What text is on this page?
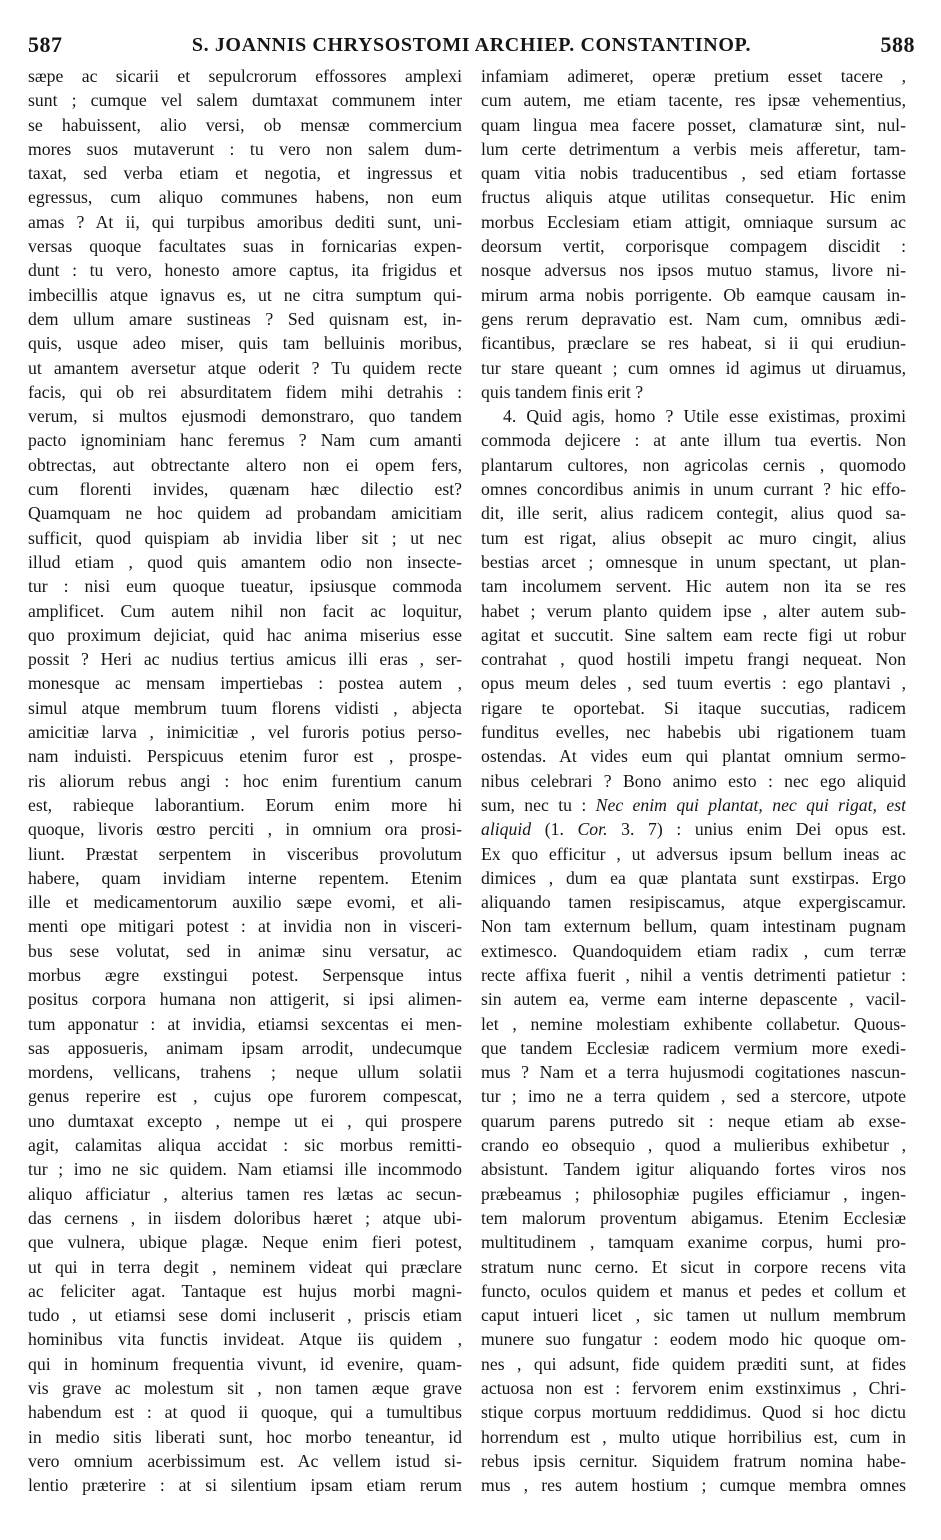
587	S. JOANNIS CHRYSOSTOMI ARCHIEP. CONSTANTINOP.	588
sæpe ac sicarii et sepulcrorum effossores amplexi
sunt ; cumque vel salem dumtaxat communem inter
se habuissent, alio versi, ob mensæ commercium
mores suos mutaverunt : tu vero non salem dum-
taxat, sed verba etiam et negotia, et ingressus et
egressus, cum aliquo communes habens, non eum
amas ? At ii, qui turpibus amoribus dediti sunt, uni-
versas quoque facultates suas in fornicarias expen-
dunt : tu vero, honesto amore captus, ita frigidus et
imbecillis atque ignavus es, ut ne citra sumptum qui-
dem ullum amare sustineas ? Sed quisnam est, in-
quis, usque adeo miser, quis tam belluinis moribus,
ut amantem aversetur atque oderit ? Tu quidem recte
facis, qui ob rei absurditatem fidem mihi detrahis :
verum, si multos ejusmodi demonstraro, quo tandem
pacto ignominiam hanc feremus ? Nam cum amanti
obtrectas, aut obtrectante altero non ei opem fers,
cum florenti invides, quænam hæc dilectio est?
Quamquam ne hoc quidem ad probandam amicitiam
sufficit, quod quispiam ab invidia liber sit ; ut nec
illud etiam , quod quis amantem odio non insecte-
tur : nisi eum quoque tueatur, ipsiusque commoda
amplificet. Cum autem nihil non facit ac loquitur,
quo proximum dejiciat, quid hac anima miserius esse
possit ? Heri ac nudius tertius amicus illi eras , ser-
monesque ac mensam impertiebas : postea autem ,
simul atque membrum tuum florens vidisti , abjecta
amicitiæ larva , inimicitiæ , vel furoris potius perso-
nam induisti. Perspicuus etenim furor est , prospe-
ris aliorum rebus angi : hoc enim furentium canum
est, rabieque laborantium. Eorum enim more hi
quoque, livoris œstro perciti , in omnium ora prosi-
liunt. Præstat serpentem in visceribus provolutum
habere, quam invidiam interne repentem. Etenim
ille et medicamentorum auxilio sæpe evomi, et ali-
menti ope mitigari potest : at invidia non in visceri-
bus sese volutat, sed in animæ sinu versatur, ac
morbus ægre exstingui potest. Serpensque intus
positus corpora humana non attigerit, si ipsi alimen-
tum apponatur : at invidia, etiamsi sexcentas ei men-
sas apposueris, animam ipsam arrodit, undecumque
mordens, vellicans, trahens ; neque ullum solatii
genus reperire est , cujus ope furorem compescat,
uno dumtaxat excepto , nempe ut ei , qui prospere
agit, calamitas aliqua accidat : sic morbus remitti-
tur ; imo ne sic quidem. Nam etiamsi ille incommodo
aliquo afficiatur , alterius tamen res lætas ac secun-
das cernens , in iisdem doloribus hæret ; atque ubi-
que vulnera, ubique plagæ. Neque enim fieri potest,
ut qui in terra degit , neminem videat qui præclare
ac feliciter agat. Tantaque est hujus morbi magni-
tudo , ut etiamsi sese domi incluserit , priscis etiam
hominibus vita functis invideat. Atque iis quidem ,
qui in hominum frequentia vivunt, id evenire, quam-
vis grave ac molestum sit , non tamen æque grave
habendum est : at quod ii quoque, qui a tumultibus
in medio sitis liberati sunt, hoc morbo teneantur, id
vero omnium acerbissimum est. Ac vellem istud si-
lentio præterire : at si silentium ipsam etiam rerum
infamiam adimeret, operæ pretium esset tacere ,
cum autem, me etiam tacente, res ipsæ vehementius,
quam lingua mea facere posset, clamaturæ sint, nul-
lum certe detrimentum a verbis meis afferetur, tam-
quam vitia nobis traducentibus , sed etiam fortasse
fructus aliquis atque utilitas consequetur. Hic enim
morbus Ecclesiam etiam attigit, omniaque sursum ac
deorsum vertit, corporisque compagem discidit :
nosque adversus nos ipsos mutuo stamus, livore ni-
mirum arma nobis porrigente. Ob eamque causam in-
gens rerum depravatio est. Nam cum, omnibus ædi-
ficantibus, præclare se res habeat, si ii qui erudiun-
tur stare queant ; cum omnes id agimus ut diruamus,
quis tandem finis erit ?
4. Quid agis, homo ? Utile esse existimas, proximi
commoda dejicere : at ante illum tua evertis. Non
plantarum cultores, non agricolas cernis , quomodo
omnes concordibus animis in unum currant ? hic effo-
dit, ille serit, alius radicem contegit, alius quod sa-
tum est rigat, alius obsepit ac muro cingit, alius
bestias arcet ; omnesque in unum spectant, ut plan-
tam incolumem servent. Hic autem non ita se res
habet ; verum planto quidem ipse , alter autem sub-
agitat et succutit. Sine saltem eam recte figi ut robur
contrahat , quod hostili impetu frangi nequeat. Non
opus meum deles , sed tuum evertis : ego plantavi ,
rigare te oportebat. Si itaque succutias, radicem
funditus evelles, nec habebis ubi rigationem tuam
ostendas. At vides eum qui plantat omnium sermo-
nibus celebrari ? Bono animo esto : nec ego aliquid
sum, nec tu : Nec enim qui plantat, nec qui rigat, est
aliquid (1. Cor. 3. 7) : unius enim Dei opus est.
Ex quo efficitur , ut adversus ipsum bellum ineas ac
dimices , dum ea quæ plantata sunt exstirpas. Ergo
aliquando tamen resipiscamus, atque expergiscamur.
Non tam externum bellum, quam intestinam pugnam
extimesco. Quandoquidem etiam radix , cum terræ
recte affixa fuerit , nihil a ventis detrimenti patietur :
sin autem ea, verme eam interne depascente , vacil-
let , nemine molestiam exhibente collabetur. Quous-
que tandem Ecclesiæ radicem vermium more exedi-
mus ? Nam et a terra hujusmodi cogitationes nascun-
tur ; imo ne a terra quidem , sed a stercore, utpote
quarum parens putredo sit : neque etiam ab exse-
crando eo obsequio , quod a mulieribus exhibetur ,
absistunt. Tandem igitur aliquando fortes viros nos
præbeamus ; philosophiæ pugiles efficiamur , ingen-
tem malorum proventum abigamus. Etenim Ecclesiæ
multitudinem , tamquam exanime corpus, humi pro-
stratum nunc cerno. Et sicut in corpore recens vita
functo, oculos quidem et manus et pedes et collum et
caput intueri licet , sic tamen ut nullum membrum
munere suo fungatur : eodem modo hic quoque om-
nes , qui adsunt, fide quidem præditi sunt, at fides
actuosa non est : fervorem enim exstinximus , Chri-
stique corpus mortuum reddidimus. Quod si hoc dictu
horrendum est , multo utique horribilius est, cum in
rebus ipsis cernitur. Siquidem fratrum nomina habe-
mus , res autem hostium ; cumque membra omnes
